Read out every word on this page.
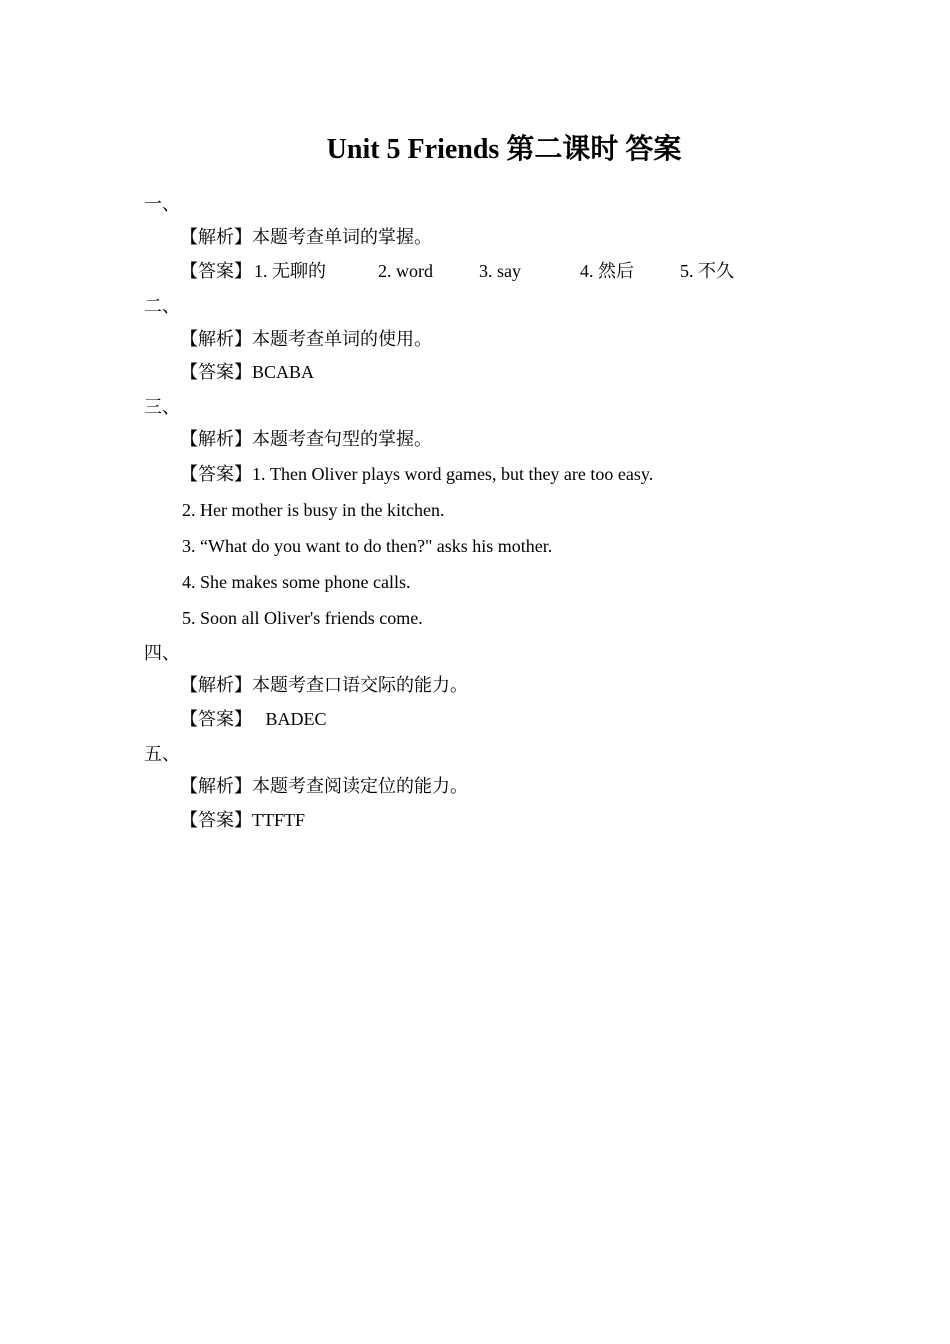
Unit 5 Friends 第二课时 答案
一、
【解析】本题考查单词的掌握。
【答案】 1. 无聊的	2. word	3. say	4. 然后	5. 不久
二、
【解析】本题考查单词的使用。
【答案】BCABA
三、
【解析】本题考查句型的掌握。
【答案】1. Then Oliver plays word games, but they are too easy.
2. Her mother is busy in the kitchen.
3. “What do you want to do then?" asks his mother.
4. She makes some phone calls.
5. Soon all Oliver's friends come.
四、
【解析】本题考查口语交际的能力。
【答案】   BADEC
五、
【解析】本题考查阅读定位的能力。
【答案】TTFTF
